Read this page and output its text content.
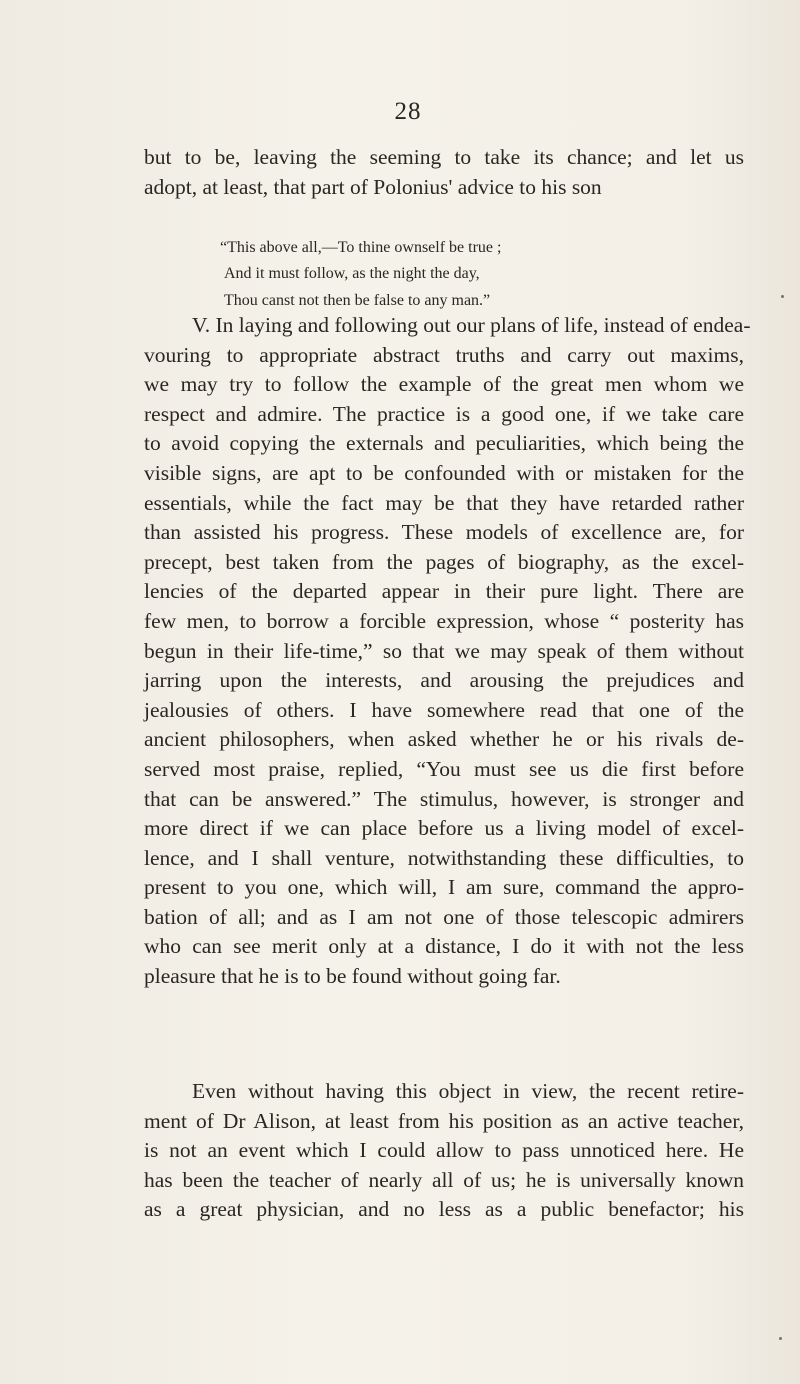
28
but to be, leaving the seeming to take its chance; and let us
adopt, at least, that part of Polonius' advice to his son
“This above all,—To thine ownself be true ;
And it must follow, as the night the day,
Thou canst not then be false to any man.”
V. In laying and following out our plans of life, instead of endea-
vouring to appropriate abstract truths and carry out maxims,
we may try to follow the example of the great men whom we
respect and admire. The practice is a good one, if we take care
to avoid copying the externals and peculiarities, which being the
visible signs, are apt to be confounded with or mistaken for the
essentials, while the fact may be that they have retarded rather
than assisted his progress. These models of excellence are, for
precept, best taken from the pages of biography, as the excel-
lencies of the departed appear in their pure light. There are
few men, to borrow a forcible expression, whose “ posterity has
begun in their life-time,” so that we may speak of them without
jarring upon the interests, and arousing the prejudices and
jealousies of others. I have somewhere read that one of the
ancient philosophers, when asked whether he or his rivals de-
served most praise, replied, “You must see us die first before
that can be answered.” The stimulus, however, is stronger and
more direct if we can place before us a living model of excel-
lence, and I shall venture, notwithstanding these difficulties, to
present to you one, which will, I am sure, command the appro-
bation of all; and as I am not one of those telescopic admirers
who can see merit only at a distance, I do it with not the less
pleasure that he is to be found without going far.
Even without having this object in view, the recent retire-
ment of Dr Alison, at least from his position as an active teacher,
is not an event which I could allow to pass unnoticed here. He
has been the teacher of nearly all of us; he is universally known
as a great physician, and no less as a public benefactor; his
